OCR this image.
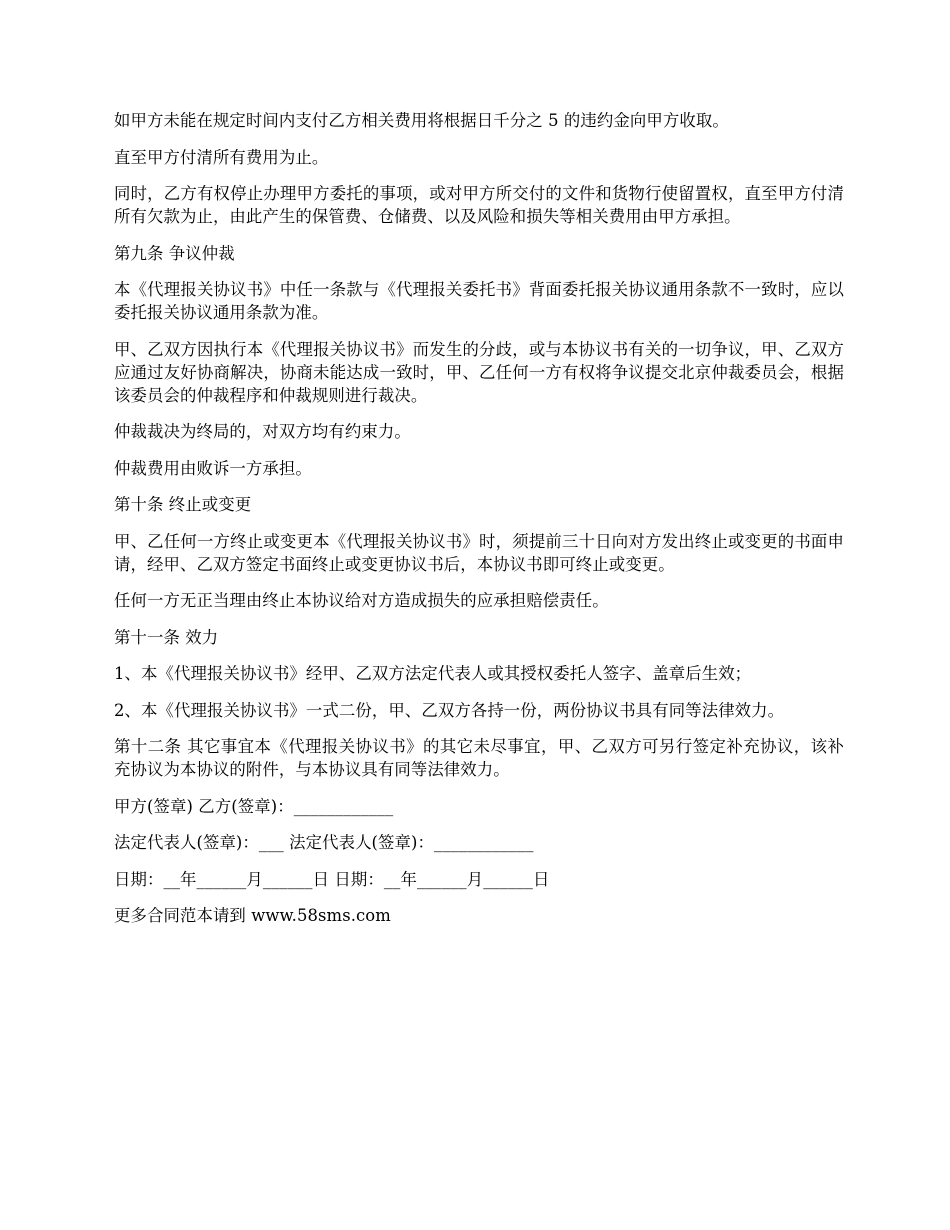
如甲方未能在规定时间内支付乙方相关费用将根据日千分之 5 的违约金向甲方收取。

直至甲方付清所有费用为止。

同时，乙方有权停止办理甲方委托的事项，或对甲方所交付的文件和货物行使留置权，直至甲方付清所有欠款为止，由此产生的保管费、仓储费、以及风险和损失等相关费用由甲方承担。

第九条 争议仲裁

本《代理报关协议书》中任一条款与《代理报关委托书》背面委托报关协议通用条款不一致时，应以委托报关协议通用条款为准。

甲、乙双方因执行本《代理报关协议书》而发生的分歧，或与本协议书有关的一切争议，甲、乙双方应通过友好协商解决，协商未能达成一致时，甲、乙任何一方有权将争议提交北京仲裁委员会，根据该委员会的仲裁程序和仲裁规则进行裁决。

仲裁裁决为终局的，对双方均有约束力。

仲裁费用由败诉一方承担。

第十条 终止或变更

甲、乙任何一方终止或变更本《代理报关协议书》时，须提前三十日向对方发出终止或变更的书面申请，经甲、乙双方签定书面终止或变更协议书后，本协议书即可终止或变更。

任何一方无正当理由终止本协议给对方造成损失的应承担赔偿责任。

第十一条 效力

1、本《代理报关协议书》经甲、乙双方法定代表人或其授权委托人签字、盖章后生效；

2、本《代理报关协议书》一式二份，甲、乙双方各持一份，两份协议书具有同等法律效力。

第十二条 其它事宜本《代理报关协议书》的其它未尽事宜，甲、乙双方可另行签定补充协议，该补充协议为本协议的附件，与本协议具有同等法律效力。

甲方(签章) 乙方(签章)：____________

法定代表人(签章)：___ 法定代表人(签章)：____________

日期：__年______月______日 日期：__年______月______日

更多合同范本请到 www.58sms.com
